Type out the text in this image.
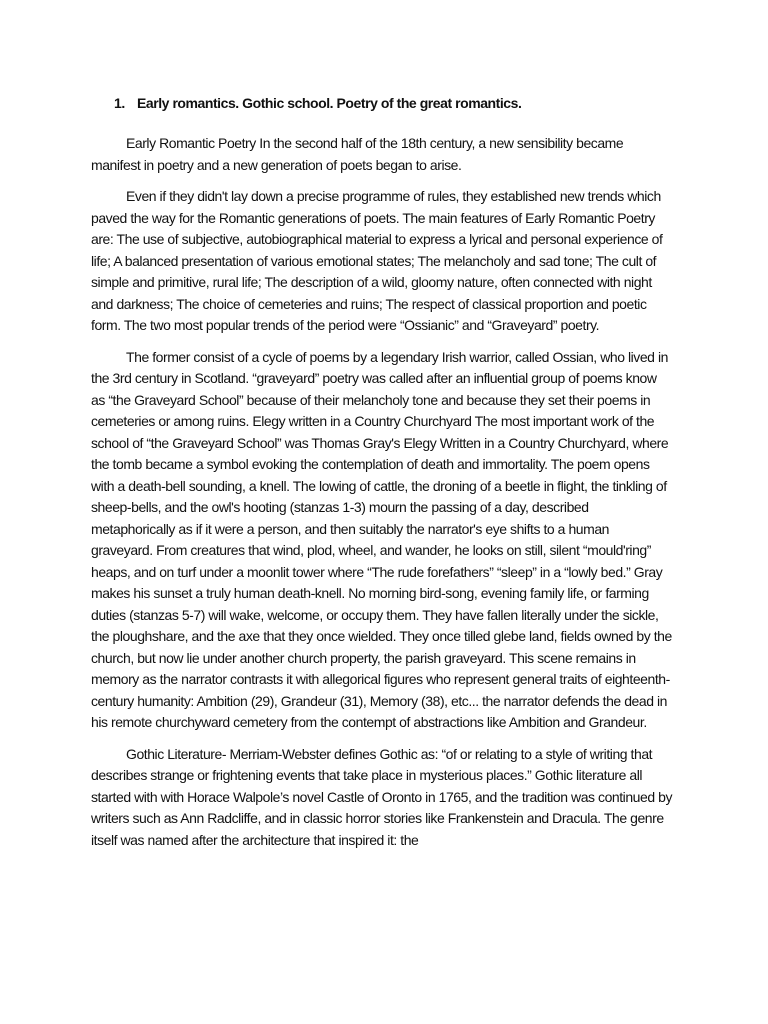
1. Early romantics. Gothic school. Poetry of the great romantics.

Early Romantic Poetry In the second half of the 18th century, a new sensibility became manifest in poetry and a new generation of poets began to arise.

Even if they didn't lay down a precise programme of rules, they established new trends which paved the way for the Romantic generations of poets. The main features of Early Romantic Poetry are: The use of subjective, autobiographical material to express a lyrical and personal experience of life; A balanced presentation of various emotional states; The melancholy and sad tone; The cult of simple and primitive, rural life; The description of a wild, gloomy nature, often connected with night and darkness; The choice of cemeteries and ruins; The respect of classical proportion and poetic form. The two most popular trends of the period were “Ossianic” and “Graveyard” poetry.

The former consist of a cycle of poems by a legendary Irish warrior, called Ossian, who lived in the 3rd century in Scotland. “graveyard” poetry was called after an influential group of poems know as “the Graveyard School” because of their melancholy tone and because they set their poems in cemeteries or among ruins. Elegy written in a Country Churchyard The most important work of the school of “the Graveyard School” was Thomas Gray's Elegy Written in a Country Churchyard, where the tomb became a symbol evoking the contemplation of death and immortality. The poem opens with a death-bell sounding, a knell. The lowing of cattle, the droning of a beetle in flight, the tinkling of sheep-bells, and the owl's hooting (stanzas 1-3) mourn the passing of a day, described metaphorically as if it were a person, and then suitably the narrator's eye shifts to a human graveyard. From creatures that wind, plod, wheel, and wander, he looks on still, silent “mould'ring” heaps, and on turf under a moonlit tower where “The rude forefathers” “sleep” in a “lowly bed.” Gray makes his sunset a truly human death-knell. No morning bird-song, evening family life, or farming duties (stanzas 5-7) will wake, welcome, or occupy them. They have fallen literally under the sickle, the ploughshare, and the axe that they once wielded. They once tilled glebe land, fields owned by the church, but now lie under another church property, the parish graveyard. This scene remains in memory as the narrator contrasts it with allegorical figures who represent general traits of eighteenth-century humanity: Ambition (29), Grandeur (31), Memory (38), etc... the narrator defends the dead in his remote churchyward cemetery from the contempt of abstractions like Ambition and Grandeur.

Gothic Literature- Merriam-Webster defines Gothic as: “of or relating to a style of writing that describes strange or frightening events that take place in mysterious places.” Gothic literature all started with with Horace Walpole’s novel Castle of Oronto in 1765, and the tradition was continued by writers such as Ann Radcliffe, and in classic horror stories like Frankenstein and Dracula. The genre itself was named after the architecture that inspired it: the
